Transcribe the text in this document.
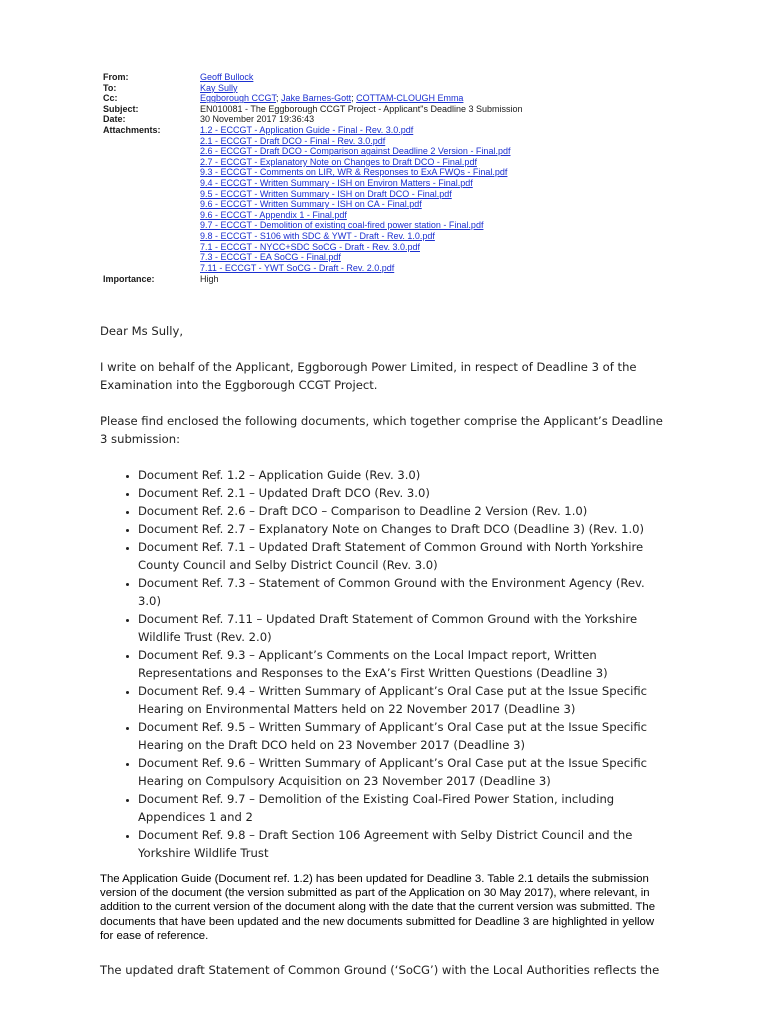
From:	Geoff Bullock
To:	Kay Sully
Cc:	Eggborough CCGT; Jake Barnes-Gott; COTTAM-CLOUGH Emma
Subject:	EN010081 - The Eggborough CCGT Project - Applicant"s Deadline 3 Submission
Date:	30 November 2017 19:36:43
Attachments:	1.2 - ECCGT - Application Guide - Final - Rev. 3.0.pdf
2.1 - ECCGT - Draft DCO - Final - Rev. 3.0.pdf
2.6 - ECCGT - Draft DCO - Comparison against Deadline 2 Version - Final.pdf
2.7 - ECCGT - Explanatory Note on Changes to Draft DCO - Final.pdf
9.3 - ECCGT - Comments on LIR, WR & Responses to ExA FWQs - Final.pdf
9.4 - ECCGT - Written Summary - ISH on Environ Matters - Final.pdf
9.5 - ECCGT - Written Summary - ISH on Draft DCO - Final.pdf
9.6 - ECCGT - Written Summary - ISH on CA - Final.pdf
9.6 - ECCGT - Appendix 1 - Final.pdf
9.7 - ECCGT - Demolition of existing coal-fired power station - Final.pdf
9.8 - ECCGT - S106 with SDC & YWT - Draft - Rev. 1.0.pdf
7.1 - ECCGT - NYCC+SDC SoCG - Draft - Rev. 3.0.pdf
7.3 - ECCGT - EA SoCG - Final.pdf
7.11 - ECCGT - YWT SoCG - Draft - Rev. 2.0.pdf
Importance:	High

Dear Ms Sully,

I write on behalf of the Applicant, Eggborough Power Limited, in respect of Deadline 3 of the Examination into the Eggborough CCGT Project.

Please find enclosed the following documents, which together comprise the Applicant’s Deadline 3 submission:

• Document Ref. 1.2 – Application Guide (Rev. 3.0)
• Document Ref. 2.1 – Updated Draft DCO (Rev. 3.0)
• Document Ref. 2.6 – Draft DCO – Comparison to Deadline 2 Version (Rev. 1.0)
• Document Ref. 2.7 – Explanatory Note on Changes to Draft DCO (Deadline 3) (Rev. 1.0)
• Document Ref. 7.1 – Updated Draft Statement of Common Ground with North Yorkshire County Council and Selby District Council (Rev. 3.0)
• Document Ref. 7.3 – Statement of Common Ground with the Environment Agency (Rev. 3.0)
• Document Ref. 7.11 – Updated Draft Statement of Common Ground with the Yorkshire Wildlife Trust (Rev. 2.0)
• Document Ref. 9.3 – Applicant’s Comments on the Local Impact report, Written Representations and Responses to the ExA’s First Written Questions (Deadline 3)
• Document Ref. 9.4 – Written Summary of Applicant’s Oral Case put at the Issue Specific Hearing on Environmental Matters held on 22 November 2017 (Deadline 3)
• Document Ref. 9.5 – Written Summary of Applicant’s Oral Case put at the Issue Specific Hearing on the Draft DCO held on 23 November 2017 (Deadline 3)
• Document Ref. 9.6 – Written Summary of Applicant’s Oral Case put at the Issue Specific Hearing on Compulsory Acquisition on 23 November 2017 (Deadline 3)
• Document Ref. 9.7 – Demolition of the Existing Coal-Fired Power Station, including Appendices 1 and 2
• Document Ref. 9.8 – Draft Section 106 Agreement with Selby District Council and the Yorkshire Wildlife Trust

The Application Guide (Document ref. 1.2) has been updated for Deadline 3. Table 2.1 details the submission version of the document (the version submitted as part of the Application on 30 May 2017), where relevant, in addition to the current version of the document along with the date that the current version was submitted. The documents that have been updated and the new documents submitted for Deadline 3 are highlighted in yellow for ease of reference.

The updated draft Statement of Common Ground (‘SoCG’) with the Local Authorities reflects the
